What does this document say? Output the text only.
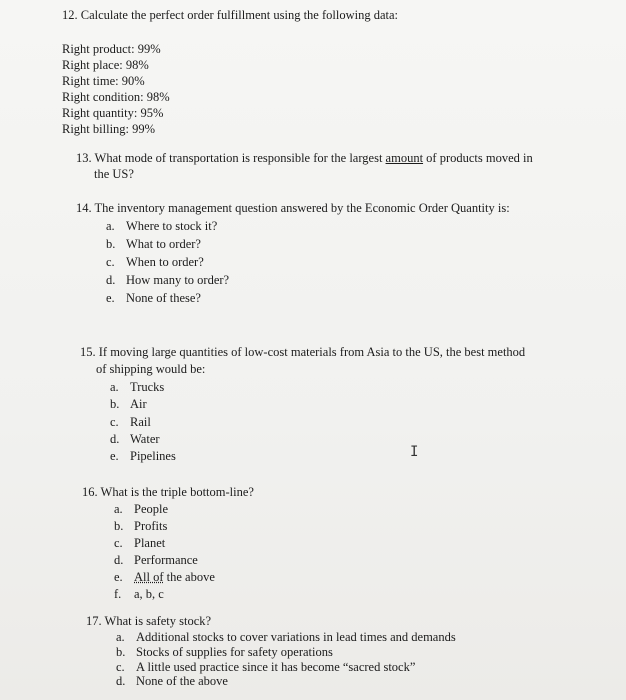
12. Calculate the perfect order fulfillment using the following data:
Right product: 99%
Right place: 98%
Right time: 90%
Right condition: 98%
Right quantity: 95%
Right billing: 99%
13. What mode of transportation is responsible for the largest amount of products moved in
the US?
14. The inventory management question answered by the Economic Order Quantity is:
a. Where to stock it?
b. What to order?
c. When to order?
d. How many to order?
e. None of these?
15. If moving large quantities of low-cost materials from Asia to the US, the best method
of shipping would be:
a. Trucks
b. Air
c. Rail
d. Water
e. Pipelines	I
16. What is the triple bottom-line?
a. People
b. Profits
c. Planet
d. Performance
e. All of the above
f. a, b, c
17. What is safety stock?
a. Additional stocks to cover variations in lead times and demands
b. Stocks of supplies for safety operations
c. A little used practice since it has become “sacred stock”
d. None of the above
